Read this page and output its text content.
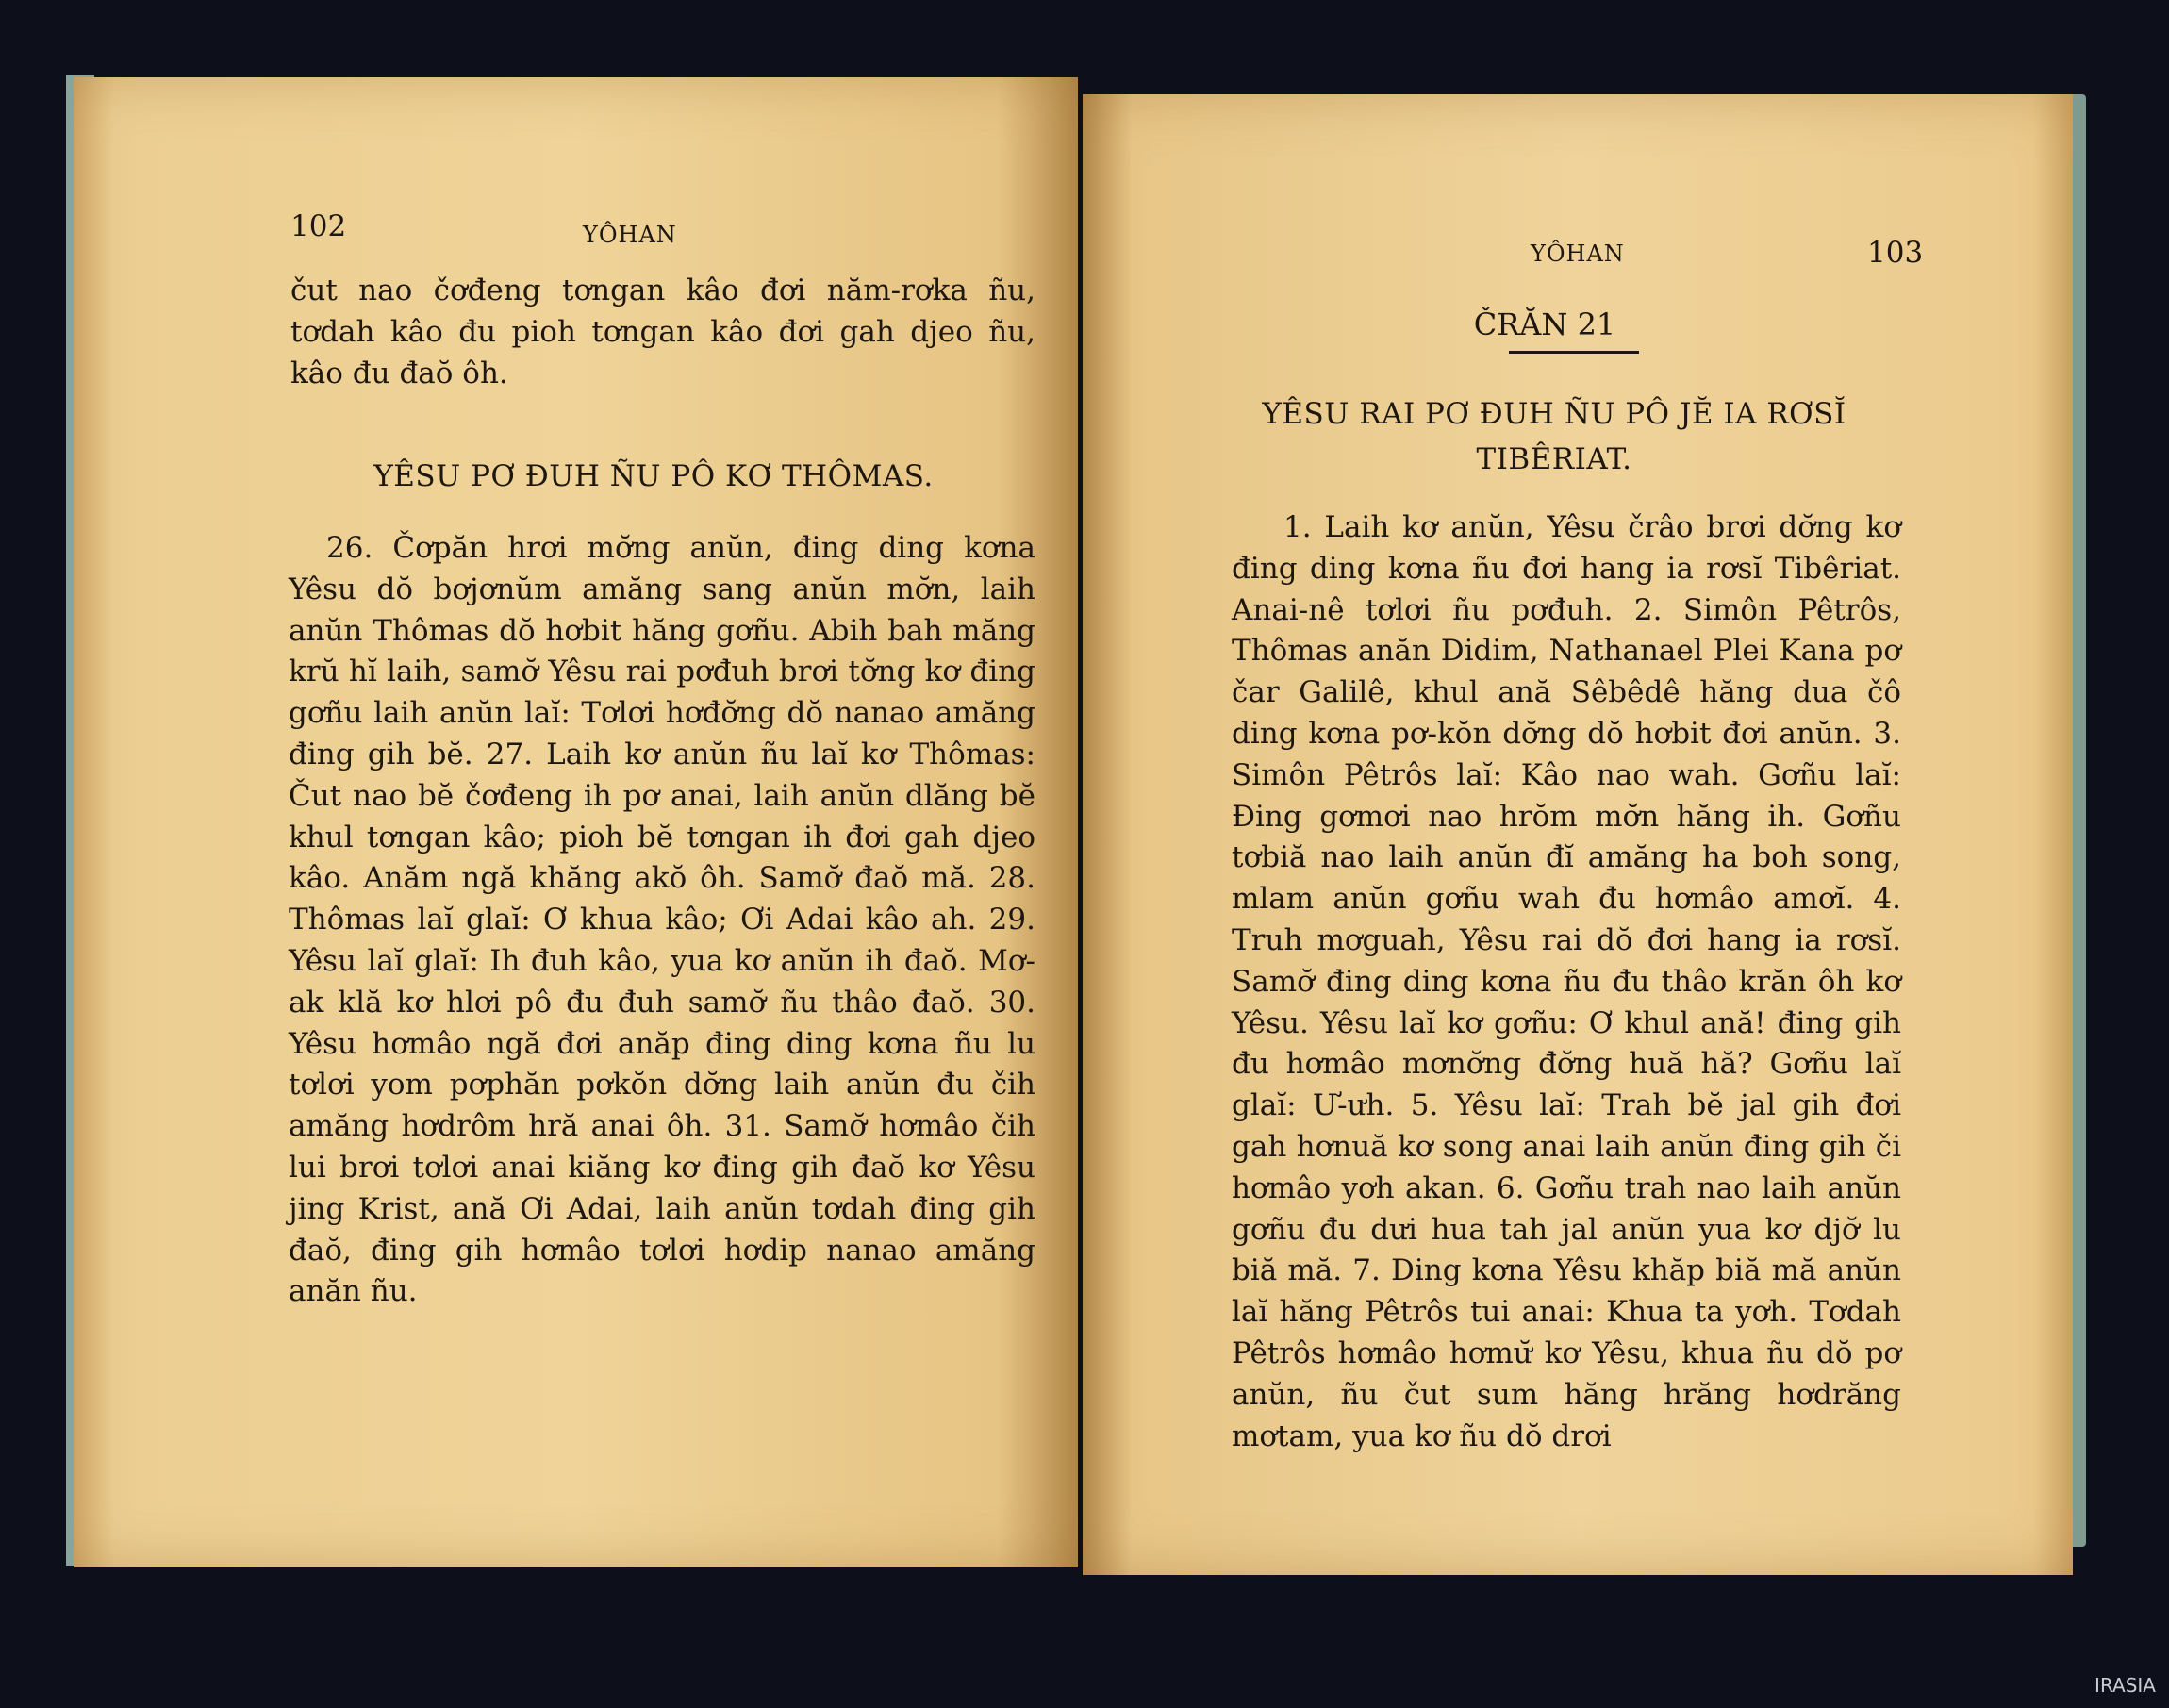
102	YÔHAN

čut nao čơđeng tơngan kâo đơi năm-rơka ñu, tơdah kâo đu pioh tơngan kâo đơi gah djeo ñu, kâo đu đaŏ ôh.

YÊSU PƠ ĐUH ÑU PÔ KƠ THÔMAS.

26. Čơpăn hrơi mơ̆ng anŭn, đing ding kơna Yêsu dŏ bơjơnŭm amăng sang anŭn mơ̆n, laih anŭn Thômas dŏ hơbit hăng gơñu. Abih bah măng krŭ hĭ laih, samơ̆ Yêsu rai pơđuh brơi tơ̆ng kơ đing gơñu laih anŭn laĭ: Tơlơi hơđơ̆ng dŏ nanao amăng đing gih bĕ. 27. Laih kơ anŭn ñu laĭ kơ Thômas: Čut nao bĕ čơđeng ih pơ anai, laih anŭn dlăng bĕ khul tơngan kâo; pioh bĕ tơngan ih đơi gah djeo kâo. Anăm ngă khăng akŏ ôh. Samơ̆ đaŏ mă. 28. Thômas laĭ glaĭ: Ơ khua kâo; Ơi Adai kâo ah. 29. Yêsu laĭ glaĭ: Ih đuh kâo, yua kơ anŭn ih đaŏ. Mơ-ak klă kơ hlơi pô đu đuh samơ̆ ñu thâo đaŏ. 30. Yêsu hơmâo ngă đơi anăp đing ding kơna ñu lu tơlơi yom pơphăn pơkŏn dơ̆ng laih anŭn đu čih amăng hơdrôm hră anai ôh. 31. Samơ̆ hơmâo čih lui brơi tơlơi anai kiăng kơ đing gih đaŏ kơ Yêsu jing Krist, ană Ơi Adai, laih anŭn tơdah đing gih đaŏ, đing gih hơmâo tơlơi hơdip nanao amăng anăn ñu.

YÔHAN	103
ČRĂN 21
YÊSU RAI PƠ ĐUH ÑU PÔ JĔ IA RƠSĬ TIBÊRIAT.

1. Laih kơ anŭn, Yêsu črâo brơi dơ̆ng kơ đing ding kơna ñu đơi hang ia rơsĭ Tibêriat. Anai-nê tơlơi ñu pơđuh. 2. Simôn Pêtrôs, Thômas anăn Didim, Nathanael Plei Kana pơ čar Galilê, khul ană Sêbêdê hăng dua čô ding kơna pơ-kŏn dơ̆ng dŏ hơbit đơi anŭn. 3. Simôn Pêtrôs laĭ: Kâo nao wah. Gơñu laĭ: Đing gơmơi nao hrŏm mơ̆n hăng ih. Gơñu tơbiă nao laih anŭn đĭ amăng ha boh song, mlam anŭn gơñu wah đu hơmâo amơĭ. 4. Truh mơguah, Yêsu rai dŏ đơi hang ia rơsĭ. Samơ̆ đing ding kơna ñu đu thâo krăn ôh kơ Yêsu. Yêsu laĭ kơ gơñu: Ơ khul ană! đing gih đu hơmâo mơnơ̆ng đơ̆ng huă hă? Gơñu laĭ glaĭ: Ư-ưh. 5. Yêsu laĭ: Trah bĕ jal gih đơi gah hơnuă kơ song anai laih anŭn đing gih či hơmâo yơh akan. 6. Gơñu trah nao laih anŭn gơñu đu dưi hua tah jal anŭn yua kơ djơ̆ lu biă mă. 7. Ding kơna Yêsu khăp biă mă anŭn laĭ hăng Pêtrôs tui anai: Khua ta yơh. Tơdah Pêtrôs hơmâo hơmư̆ kơ Yêsu, khua ñu dŏ pơ anŭn, ñu čut sum hăng hrăng hơdrăng mơtam, yua kơ ñu dŏ drơi

IRASIA
